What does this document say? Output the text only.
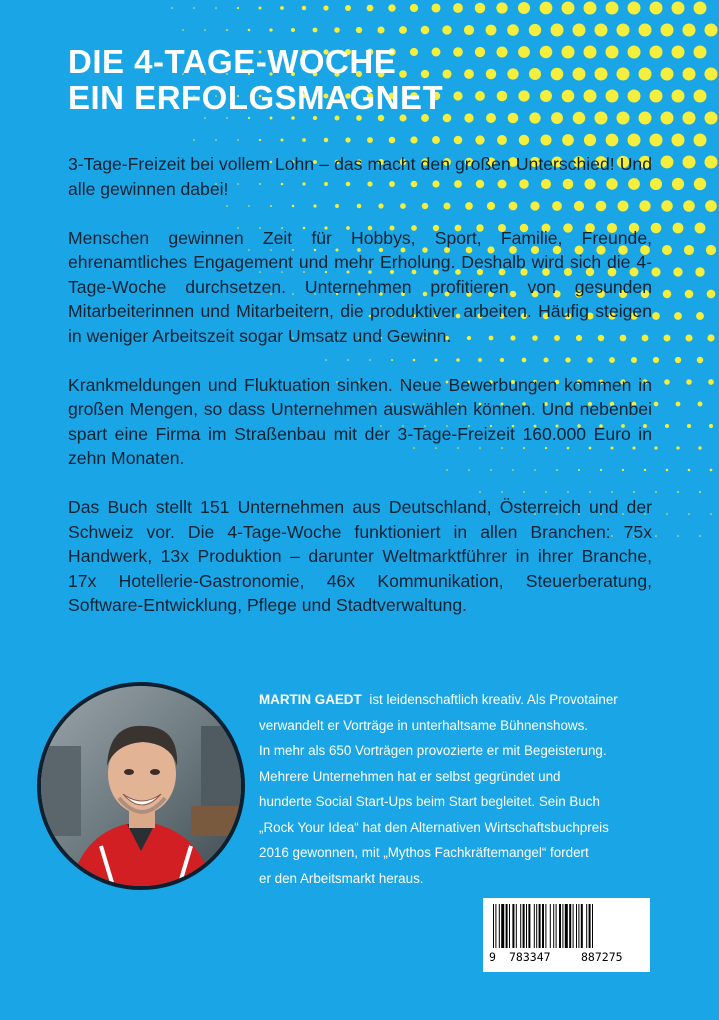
DIE 4-TAGE-WOCHE
EIN ERFOLGSMAGNET

3-Tage-Freizeit bei vollem Lohn – das macht den großen Unterschied! Und alle gewinnen dabei!

Menschen gewinnen Zeit für Hobbys, Sport, Familie, Freunde, ehrenamtliches Engagement und mehr Erholung. Deshalb wird sich die 4-Tage-Woche durchsetzen. Unternehmen profitieren von gesunden Mitarbeiterinnen und Mitarbeitern, die produktiver arbeiten. Häufig steigen in weniger Arbeitszeit sogar Umsatz und Gewinn.

Krankmeldungen und Fluktuation sinken. Neue Bewerbungen kommen in großen Mengen, so dass Unternehmen auswählen können. Und nebenbei spart eine Firma im Straßenbau mit der 3-Tage-Freizeit 160.000 Euro in zehn Monaten.

Das Buch stellt 151 Unternehmen aus Deutschland, Österreich und der Schweiz vor. Die 4-Tage-Woche funktioniert in allen Branchen: 75x Handwerk, 13x Produktion – darunter Weltmarktführer in ihrer Branche, 17x Hotellerie-Gastronomie, 46x Kommunikation, Steuerberatung, Software-Entwicklung, Pflege und Stadtverwaltung.

MARTIN GAEDT ist leidenschaftlich kreativ. Als Provotainer
verwandelt er Vorträge in unterhaltsame Bühnenshows.
In mehr als 650 Vorträgen provozierte er mit Begeisterung.
Mehrere Unternehmen hat er selbst gegründet und
hunderte Social Start-Ups beim Start begleitet. Sein Buch
„Rock Your Idea“ hat den Alternativen Wirtschaftsbuchpreis
2016 gewonnen, mit „Mythos Fachkräftemangel“ fordert
er den Arbeitsmarkt heraus.
9 783347	887275
